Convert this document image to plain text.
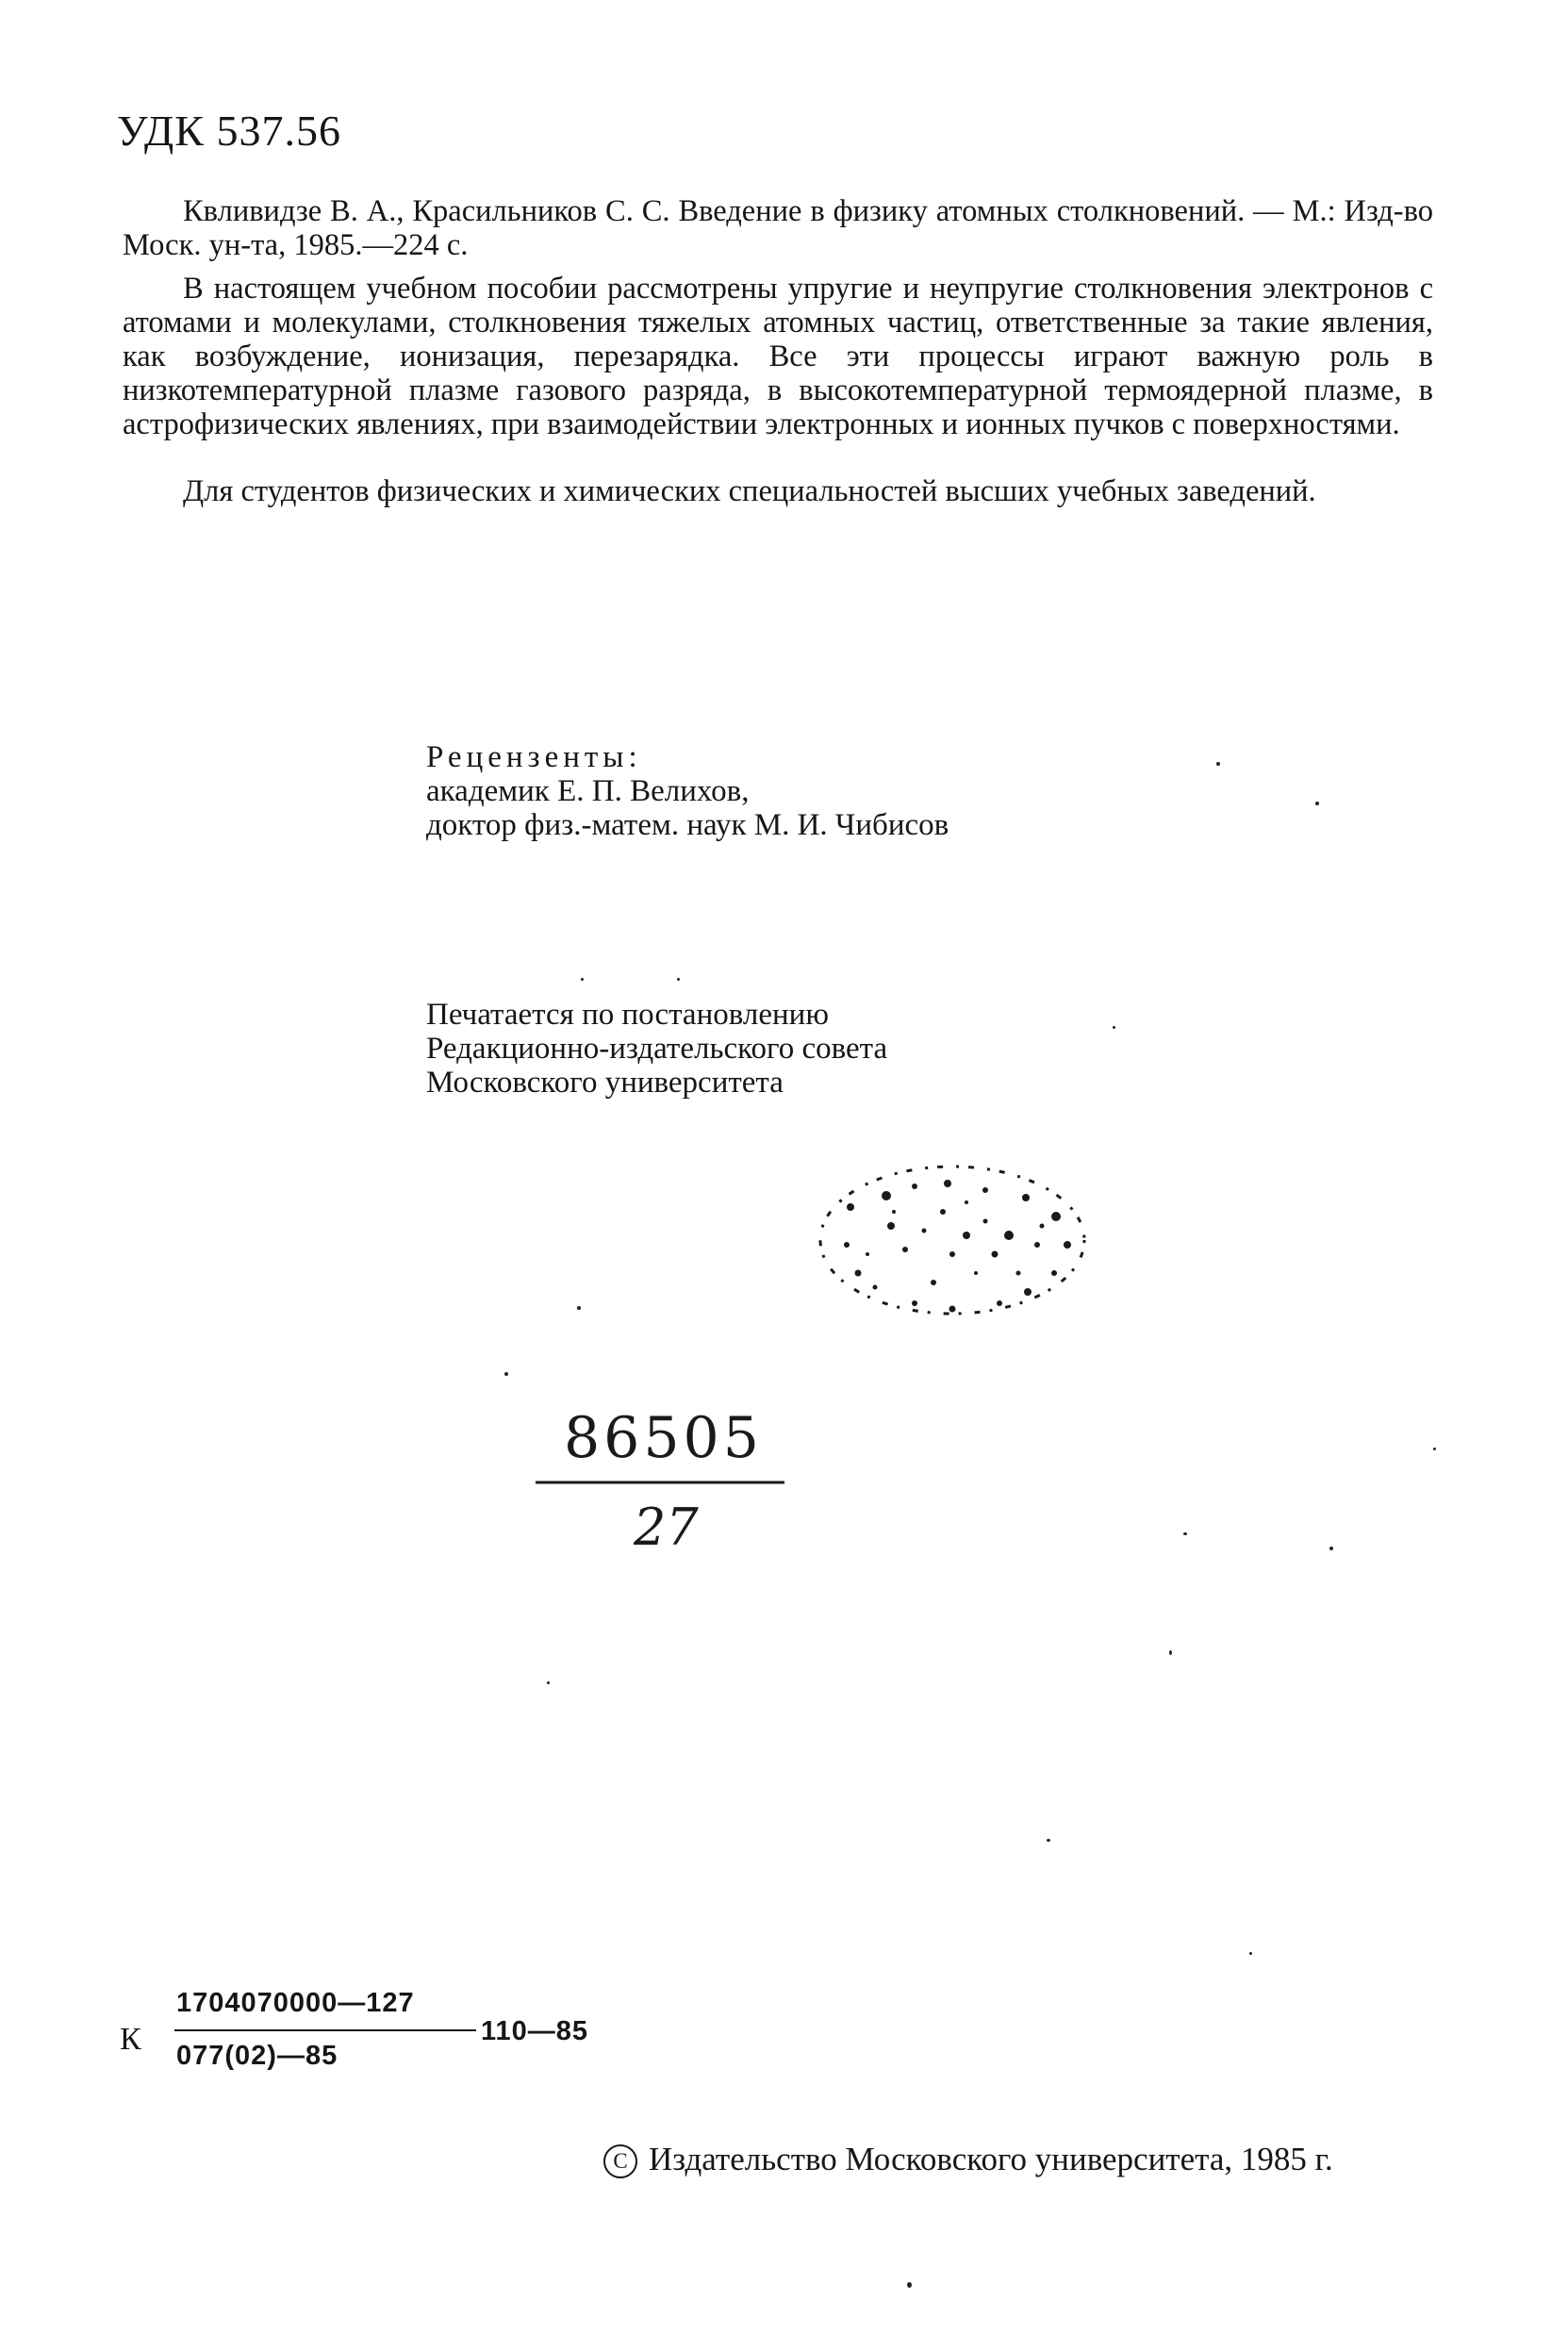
УДК 537.56

Квливидзе В. А., Красильников С. С. Введение в физику атомных столкновений. — М.: Изд-во Моск. ун-та, 1985.—224 с.

В настоящем учебном пособии рассмотрены упругие и неупругие столкновения электронов с атомами и молекулами, столкновения тяжелых атомных частиц, ответственные за такие явления, как возбуждение, ионизация, перезарядка. Все эти процессы играют важную роль в низкотемпературной плазме газового разряда, в высокотемпературной термоядерной плазме, в астрофизических явлениях, при взаимодействии электронных и ионных пучков с поверхностями.

Для студентов физических и химических специальностей высших учебных заведений.

Рецензенты:
академик Е. П. Велихов,
доктор физ.-матем. наук М. И. Чибисов
Печатается по постановлению
Редакционно-издательского совета
Московского университета
86505
27
К
1704070000—127
077(02)—85
110—85
C Издательство Московского университета, 1985 г.
